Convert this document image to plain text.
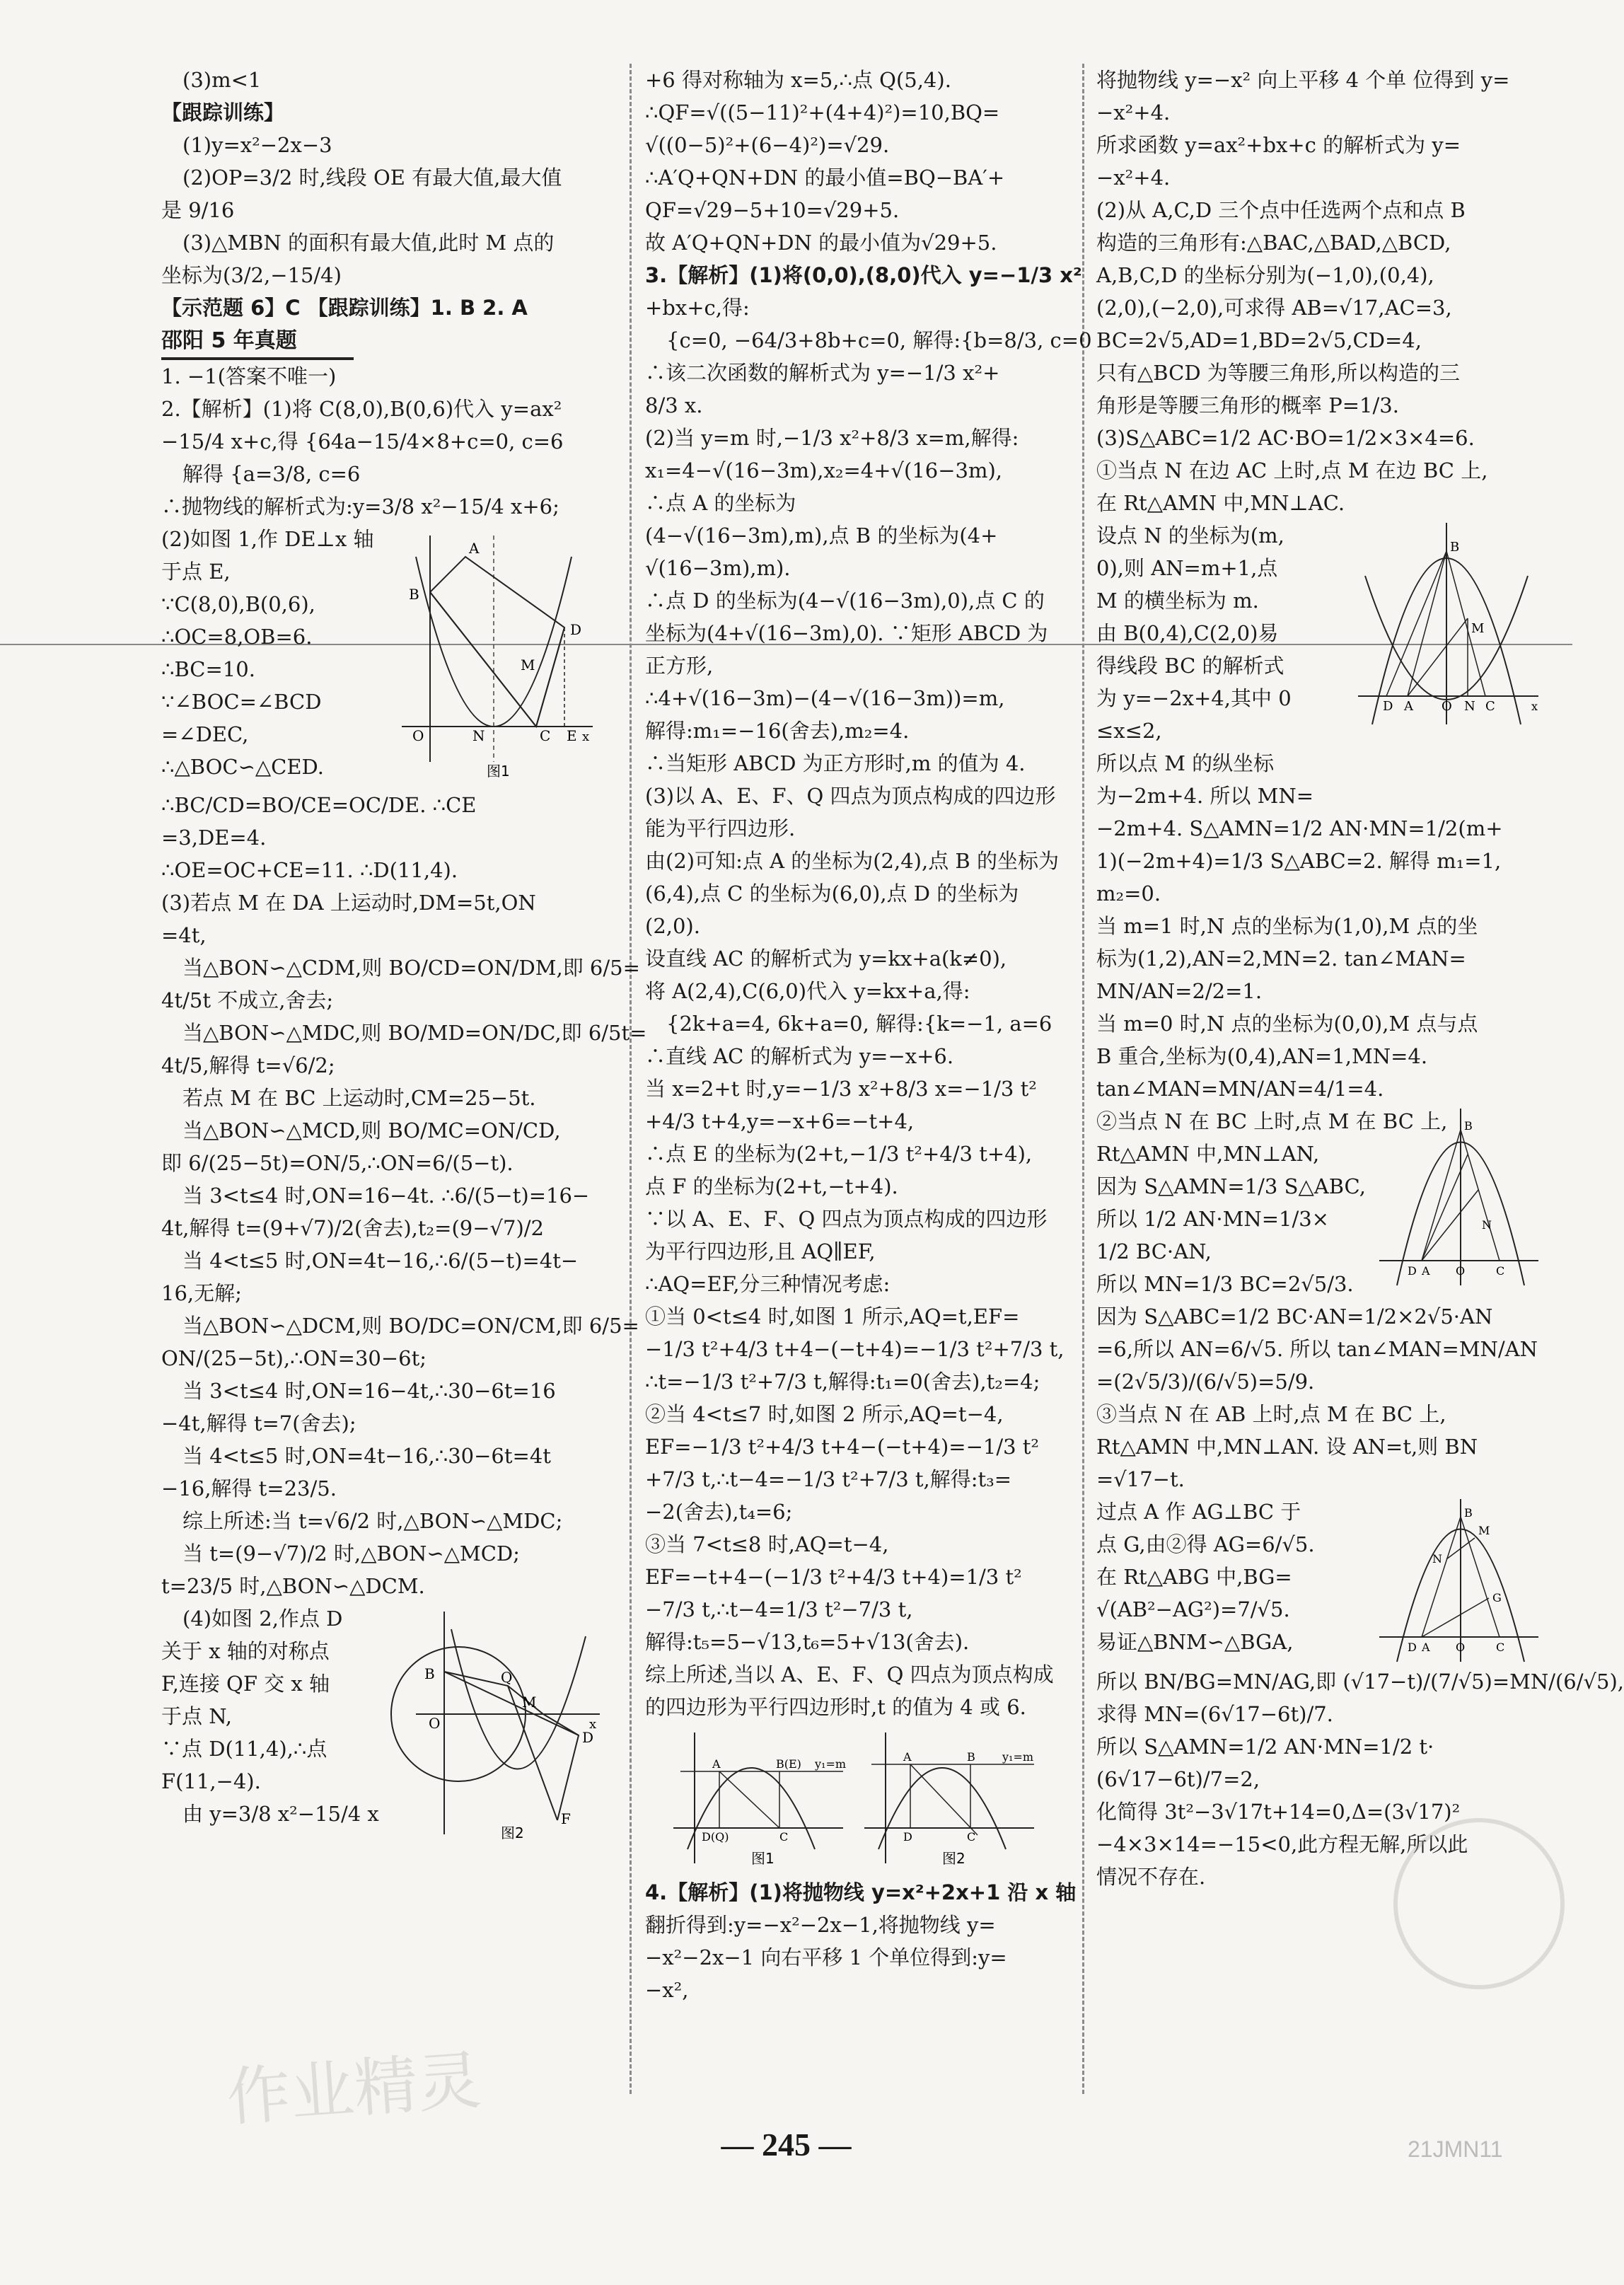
(3)m<1
【跟踪训练】
(1)y=x²−2x−3
(2)OP=3/2 时,线段 OE 有最大值,最大值
是 9/16
(3)△MBN 的面积有最大值,此时 M 点的
坐标为(3/2,−15/4)
【示范题 6】C 【跟踪训练】1. B 2. A
邵阳 5 年真题
1. −1(答案不唯一)
2.【解析】(1)将 C(8,0),B(0,6)代入 y=ax²
−15/4 x+c,得 {64a−15/4×8+c=0, c=6
解得 {a=3/8, c=6
∴抛物线的解析式为:y=3/8 x²−15/4 x+6;
(2)如图 1,作 DE⊥x 轴
于点 E,
∵C(8,0),B(0,6),
∴OC=8,OB=6.
∴BC=10.
∵∠BOC=∠BCD
=∠DEC,
∴△BOC∽△CED.
B
A
D
M
O	C E
N	x
图1
∴BC/CD=BO/CE=OC/DE. ∴CE
=3,DE=4.
∴OE=OC+CE=11. ∴D(11,4).
(3)若点 M 在 DA 上运动时,DM=5t,ON
=4t,
当△BON∽△CDM,则 BO/CD=ON/DM,即 6/5=
4t/5t 不成立,舍去;
当△BON∽△MDC,则 BO/MD=ON/DC,即 6/5t=
4t/5,解得 t=√6/2;
若点 M 在 BC 上运动时,CM=25−5t.
当△BON∽△MCD,则 BO/MC=ON/CD,
即 6/(25−5t)=ON/5,∴ON=6/(5−t).
当 3<t≤4 时,ON=16−4t. ∴6/(5−t)=16−
4t,解得 t=(9+√7)/2(舍去),t₂=(9−√7)/2
当 4<t≤5 时,ON=4t−16,∴6/(5−t)=4t−
16,无解;
当△BON∽△DCM,则 BO/DC=ON/CM,即 6/5=
ON/(25−5t),∴ON=30−6t;
当 3<t≤4 时,ON=16−4t,∴30−6t=16
−4t,解得 t=7(舍去);
当 4<t≤5 时,ON=4t−16,∴30−6t=4t
−16,解得 t=23/5.
综上所述:当 t=√6/2 时,△BON∽△MDC;
当 t=(9−√7)/2 时,△BON∽△MCD;
t=23/5 时,△BON∽△DCM.
(4)如图 2,作点 D
关于 x 轴的对称点
F,连接 QF 交 x 轴
于点 N,
∵点 D(11,4),∴点
F(11,−4).
由 y=3/8 x²−15/4 x
B	Q
D
M
F
O	x
图2
+6 得对称轴为 x=5,∴点 Q(5,4).
∴QF=√((5−11)²+(4+4)²)=10,BQ=
√((0−5)²+(6−4)²)=√29.
∴A′Q+QN+DN 的最小值=BQ−BA′+
QF=√29−5+10=√29+5.
故 A′Q+QN+DN 的最小值为√29+5.
3.【解析】(1)将(0,0),(8,0)代入 y=−1/3 x²
+bx+c,得:
{c=0, −64/3+8b+c=0, 解得:{b=8/3, c=0
∴该二次函数的解析式为 y=−1/3 x²+
8/3 x.
(2)当 y=m 时,−1/3 x²+8/3 x=m,解得:
x₁=4−√(16−3m),x₂=4+√(16−3m),
∴点 A 的坐标为
(4−√(16−3m),m),点 B 的坐标为(4+
√(16−3m),m).
∴点 D 的坐标为(4−√(16−3m),0),点 C 的
坐标为(4+√(16−3m),0). ∵矩形 ABCD 为
正方形,
∴4+√(16−3m)−(4−√(16−3m))=m,
解得:m₁=−16(舍去),m₂=4.
∴当矩形 ABCD 为正方形时,m 的值为 4.
(3)以 A、E、F、Q 四点为顶点构成的四边形
能为平行四边形.
由(2)可知:点 A 的坐标为(2,4),点 B 的坐标为
(6,4),点 C 的坐标为(6,0),点 D 的坐标为
(2,0).
设直线 AC 的解析式为 y=kx+a(k≠0),
将 A(2,4),C(6,0)代入 y=kx+a,得:
{2k+a=4, 6k+a=0, 解得:{k=−1, a=6
∴直线 AC 的解析式为 y=−x+6.
当 x=2+t 时,y=−1/3 x²+8/3 x=−1/3 t²
+4/3 t+4,y=−x+6=−t+4,
∴点 E 的坐标为(2+t,−1/3 t²+4/3 t+4),
点 F 的坐标为(2+t,−t+4).
∵以 A、E、F、Q 四点为顶点构成的四边形
为平行四边形,且 AQ∥EF,
∴AQ=EF,分三种情况考虑:
①当 0<t≤4 时,如图 1 所示,AQ=t,EF=
−1/3 t²+4/3 t+4−(−t+4)=−1/3 t²+7/3 t,
∴t=−1/3 t²+7/3 t,解得:t₁=0(舍去),t₂=4;
②当 4<t≤7 时,如图 2 所示,AQ=t−4,
EF=−1/3 t²+4/3 t+4−(−t+4)=−1/3 t²
+7/3 t,∴t−4=−1/3 t²+7/3 t,解得:t₃=
−2(舍去),t₄=6;
③当 7<t≤8 时,AQ=t−4,
EF=−t+4−(−1/3 t²+4/3 t+4)=1/3 t²
−7/3 t,∴t−4=1/3 t²−7/3 t,
解得:t₅=5−√13,t₆=5+√13(舍去).
综上所述,当以 A、E、F、Q 四点为顶点构成
的四边形为平行四边形时,t 的值为 4 或 6.
A	B(E) y₁=m
D(Q)	C
图1
A	B y₁=m
D	C
图2
4.【解析】(1)将抛物线 y=x²+2x+1 沿 x 轴
翻折得到:y=−x²−2x−1,将抛物线 y=
−x²−2x−1 向右平移 1 个单位得到:y=
−x²,
将抛物线 y=−x² 向上平移 4 个单 位得到 y=
−x²+4.
所求函数 y=ax²+bx+c 的解析式为 y=
−x²+4.
(2)从 A,C,D 三个点中任选两个点和点 B
构造的三角形有:△BAC,△BAD,△BCD,
A,B,C,D 的坐标分别为(−1,0),(0,4),
(2,0),(−2,0),可求得 AB=√17,AC=3,
BC=2√5,AD=1,BD=2√5,CD=4,
只有△BCD 为等腰三角形,所以构造的三
角形是等腰三角形的概率 P=1/3.
(3)S△ABC=1/2 AC·BO=1/2×3×4=6.
①当点 N 在边 AC 上时,点 M 在边 BC 上,
在 Rt△AMN 中,MN⊥AC.
设点 N 的坐标为(m,
0),则 AN=m+1,点
M 的横坐标为 m.
由 B(0,4),C(2,0)易
得线段 BC 的解析式
为 y=−2x+4,其中 0
≤x≤2,
所以点 M 的纵坐标
为−2m+4. 所以 MN=
B
M
D A O N C	x
−2m+4. S△AMN=1/2 AN·MN=1/2(m+
1)(−2m+4)=1/3 S△ABC=2. 解得 m₁=1,
m₂=0.
当 m=1 时,N 点的坐标为(1,0),M 点的坐
标为(1,2),AN=2,MN=2. tan∠MAN=
MN/AN=2/2=1.
当 m=0 时,N 点的坐标为(0,0),M 点与点
B 重合,坐标为(0,4),AN=1,MN=4.
tan∠MAN=MN/AN=4/1=4.
②当点 N 在 BC 上时,点 M 在 BC 上,
Rt△AMN 中,MN⊥AN,
因为 S△AMN=1/3 S△ABC,
所以 1/2 AN·MN=1/3×
1/2 BC·AN,
所以 MN=1/3 BC=2√5/3.
B
N
D A O	C
因为 S△ABC=1/2 BC·AN=1/2×2√5·AN
=6,所以 AN=6/√5. 所以 tan∠MAN=MN/AN
=(2√5/3)/(6/√5)=5/9.
③当点 N 在 AB 上时,点 M 在 BC 上,
Rt△AMN 中,MN⊥AN. 设 AN=t,则 BN
=√17−t.
过点 A 作 AG⊥BC 于
点 G,由②得 AG=6/√5.
在 Rt△ABG 中,BG=
√(AB²−AG²)=7/√5.
易证△BNM∽△BGA,
B
M
N
G
D A O	C
所以 BN/BG=MN/AG,即 (√17−t)/(7/√5)=MN/(6/√5),
求得 MN=(6√17−6t)/7.
所以 S△AMN=1/2 AN·MN=1/2 t·
(6√17−6t)/7=2,
化简得 3t²−3√17t+14=0,Δ=(3√17)²
−4×3×14=−15<0,此方程无解,所以此
情况不存在.
作业精灵
— 245 —	21JMN11
